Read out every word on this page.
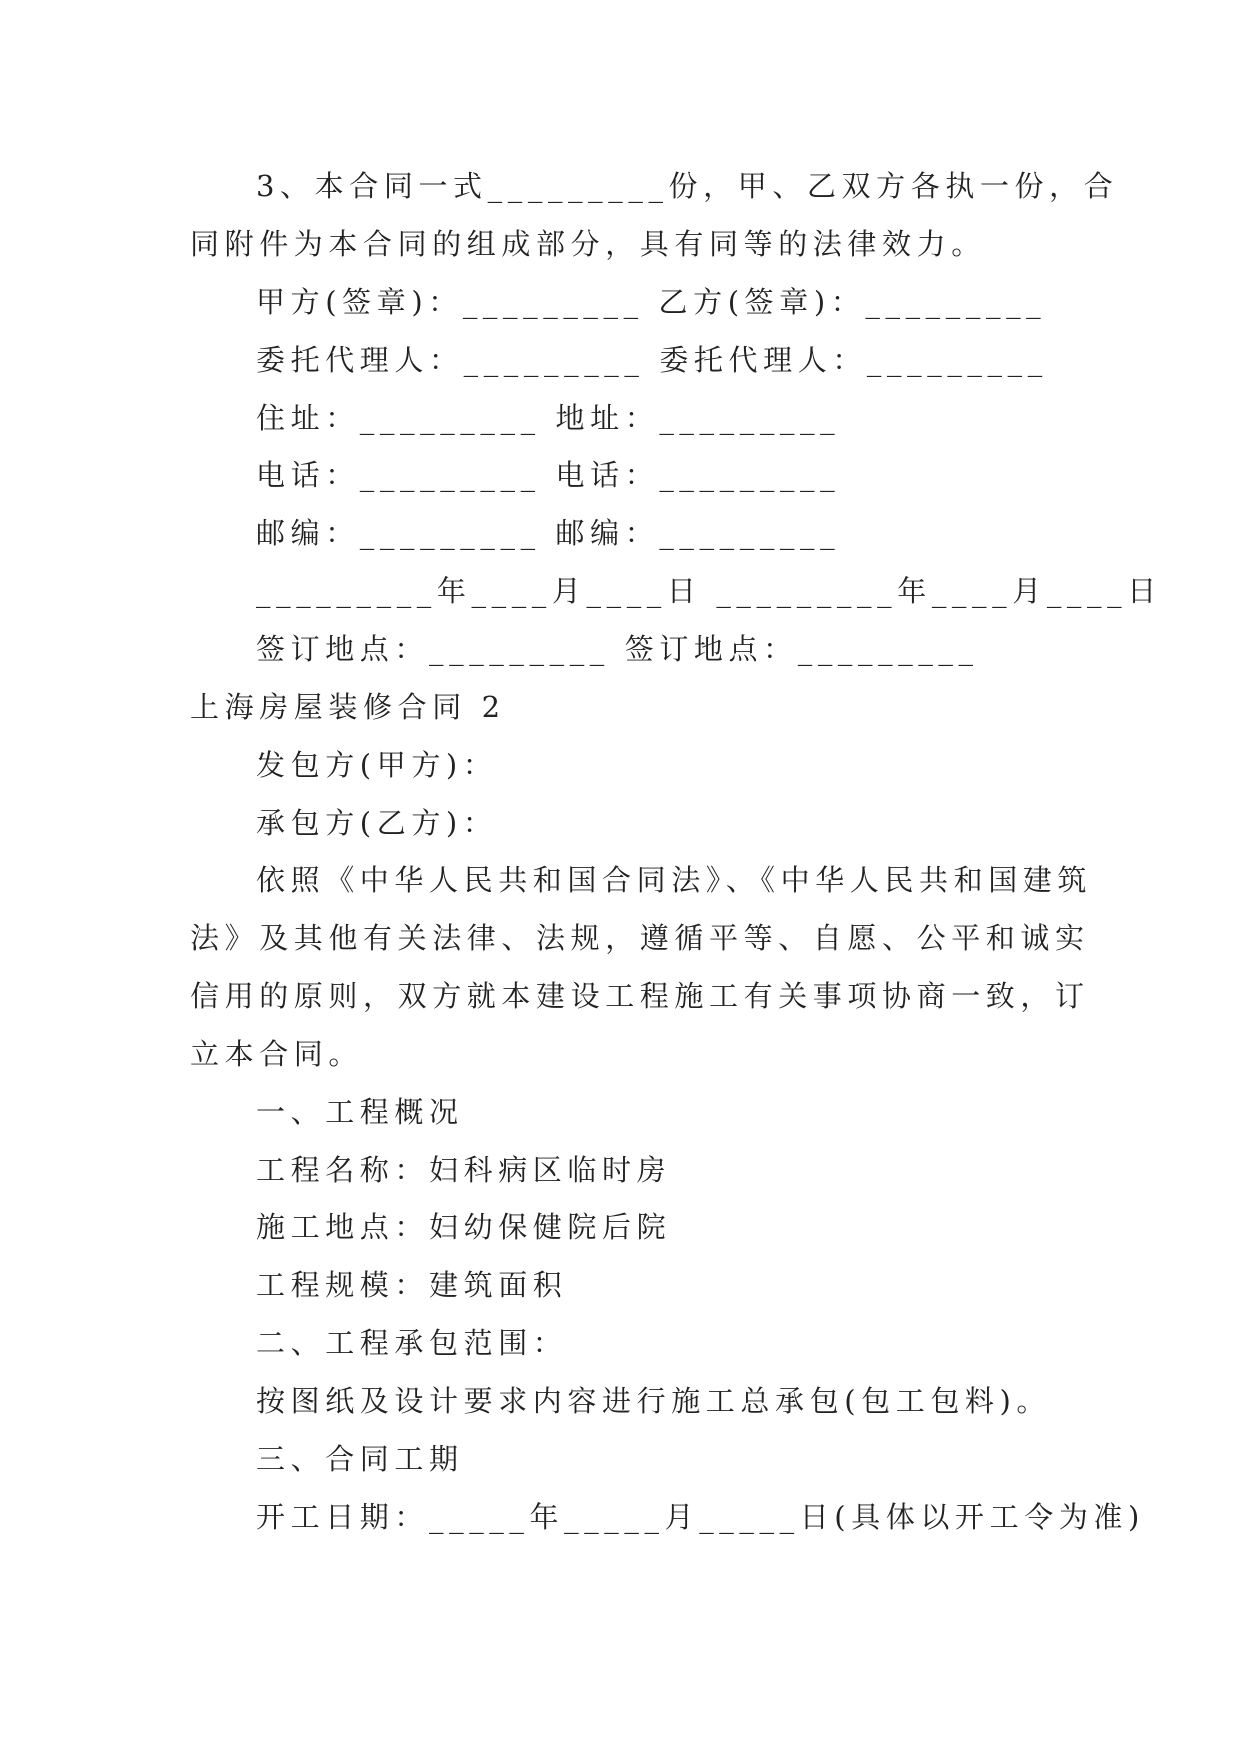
3、本合同一式_________份，甲、乙双方各执一份，合
同附件为本合同的组成部分，具有同等的法律效力。
甲方(签章)：_________ 乙方(签章)：_________
委托代理人：_________ 委托代理人：_________
住址：_________ 地址：_________
电话：_________ 电话：_________
邮编：_________ 邮编：_________
_________年____月____日 _________年____月____日
签订地点：_________ 签订地点：_________
上海房屋装修合同 2
发包方(甲方)：
承包方(乙方)：
依照《中华人民共和国合同法》、《中华人民共和国建筑
法》及其他有关法律、法规，遵循平等、自愿、公平和诚实
信用的原则，双方就本建设工程施工有关事项协商一致，订
立本合同。
一、工程概况
工程名称：妇科病区临时房
施工地点：妇幼保健院后院
工程规模：建筑面积
二、工程承包范围：
按图纸及设计要求内容进行施工总承包(包工包料)。
三、合同工期
开工日期：_____年_____月_____日(具体以开工令为准)
